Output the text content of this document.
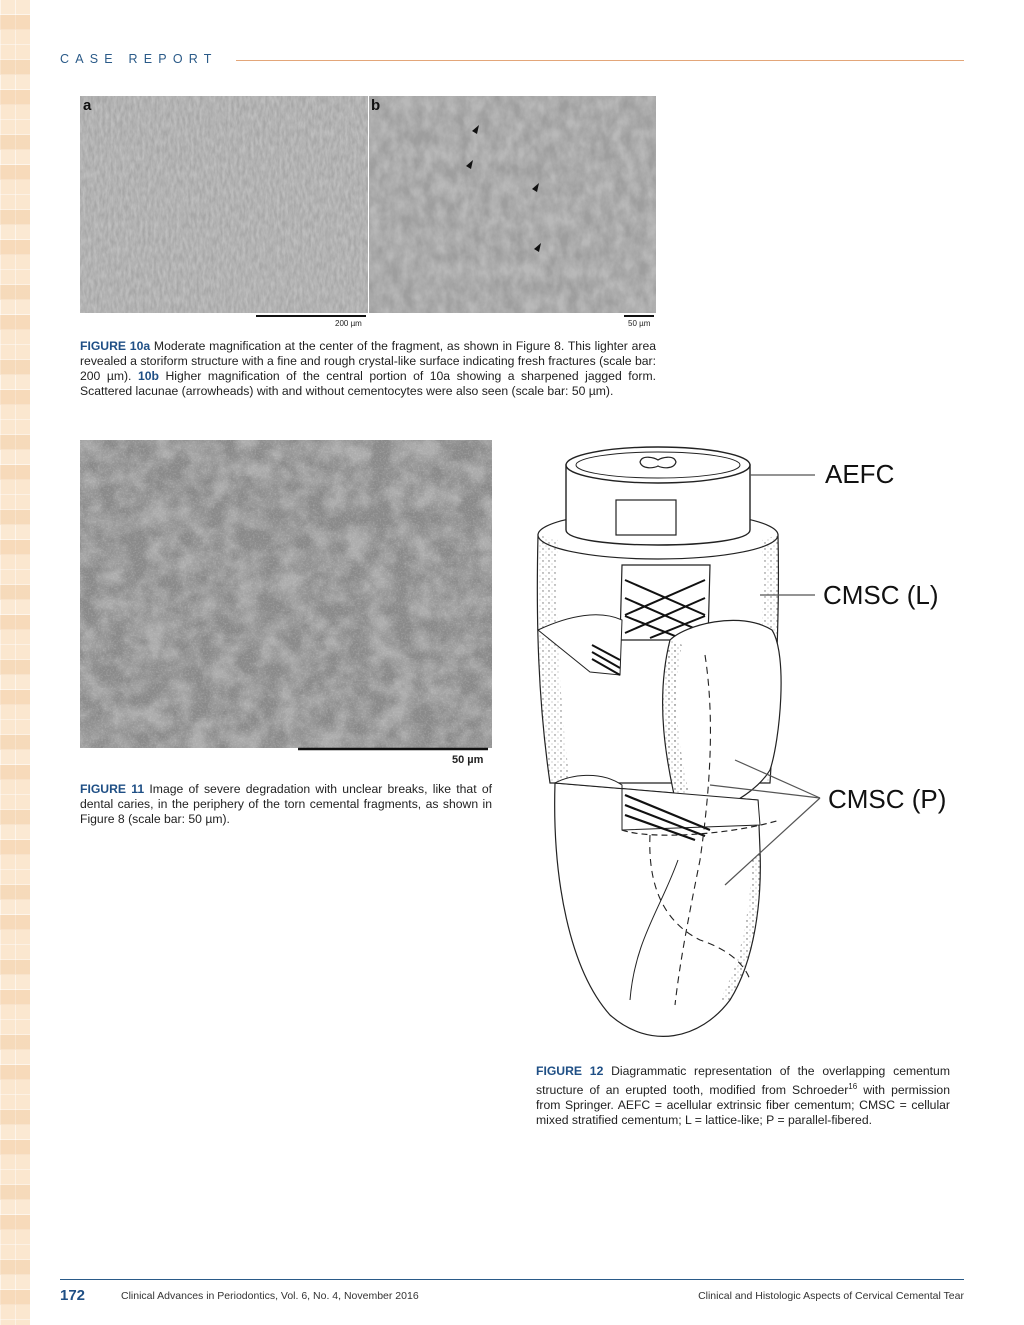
CASE REPORT
a	b
200 µm	50 µm
FIGURE 10a Moderate magnification at the center of the fragment, as shown in Figure 8. This lighter area revealed a storiform structure with a fine and rough crystal-like surface indicating fresh fractures (scale bar: 200 µm). 10b Higher magnification of the central portion of 10a showing a sharpened jagged form. Scattered lacunae (arrowheads) with and without cementocytes were also seen (scale bar: 50 µm).
50 µm
FIGURE 11 Image of severe degradation with unclear breaks, like that of dental caries, in the periphery of the torn cemental fragments, as shown in Figure 8 (scale bar: 50 µm).
AEFC
CMSC (L)
CMSC (P)
FIGURE 12 Diagrammatic representation of the overlapping cementum structure of an erupted tooth, modified from Schroeder$^{16}$ with permission from Springer. AEFC = acellular extrinsic fiber cementum; CMSC = cellular mixed stratified cementum; L = lattice-like; P = parallel-fibered.
172	Clinical Advances in Periodontics, Vol. 6, No. 4, November 2016	Clinical and Histologic Aspects of Cervical Cemental Tear
